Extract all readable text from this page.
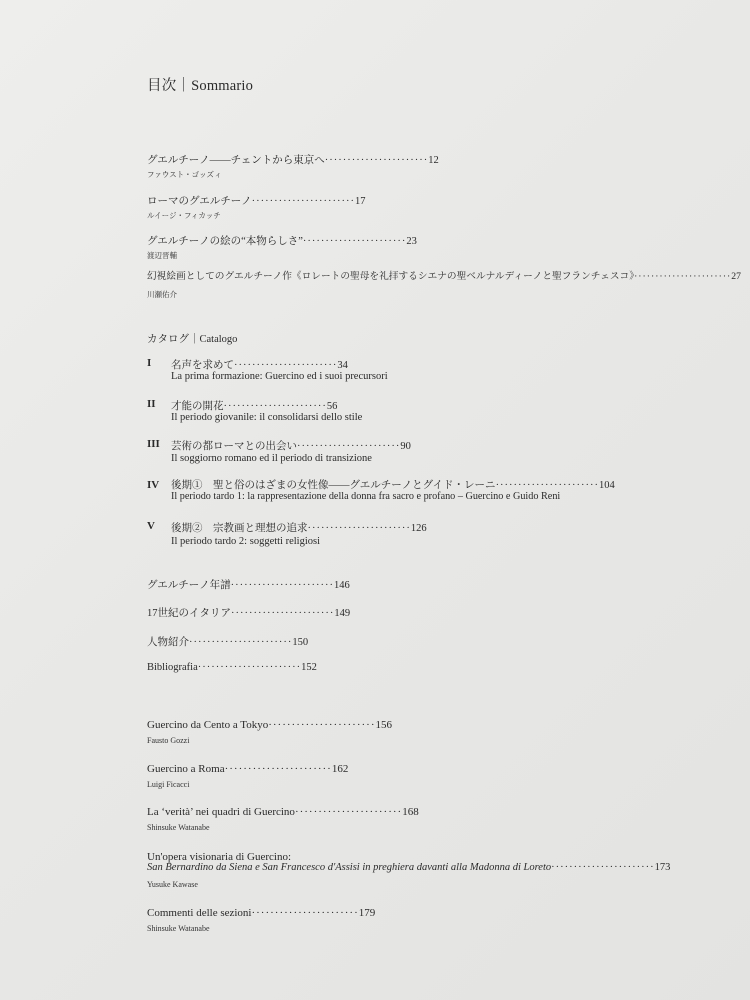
目次｜Sommario
グエルチーノ――チェントから東京へ·······················12
ファウスト・ゴッズィ
ローマのグエルチーノ·······················17
ルイージ・フィカッチ
グエルチーノの絵の“本物らしさ”·······················23
渡辺晋輔
幻視絵画としてのグエルチーノ作《ロレートの聖母を礼拝するシエナの聖ベルナルディーノと聖フランチェスコ》·······················27
川瀬佑介
カタログ｜Catalogo
I	名声を求めて·······················34
La prima formazione: Guercino ed i suoi precursori
II	才能の開花·······················56
Il periodo giovanile: il consolidarsi dello stile
III	芸術の都ローマとの出会い·······················90
Il soggiorno romano ed il periodo di transizione
IV	後期①　聖と俗のはざまの女性像――グエルチーノとグイド・レーニ·······················104
Il periodo tardo 1: la rappresentazione della donna fra sacro e profano – Guercino e Guido Reni
V	後期②　宗教画と理想の追求·······················126
Il periodo tardo 2: soggetti religiosi
グエルチーノ年譜·······················146
17世紀のイタリア·······················149
人物紹介·······················150
Bibliografia·······················152
Guercino da Cento a Tokyo·······················156
Fausto Gozzi
Guercino a Roma·······················162
Luigi Ficacci
La ‘verità’ nei quadri di Guercino·······················168
Shinsuke Watanabe
Un'opera visionaria di Guercino:
San Bernardino da Siena e San Francesco d'Assisi in preghiera davanti alla Madonna di Loreto·······················173
Yusuke Kawase
Commenti delle sezioni·······················179
Shinsuke Watanabe
